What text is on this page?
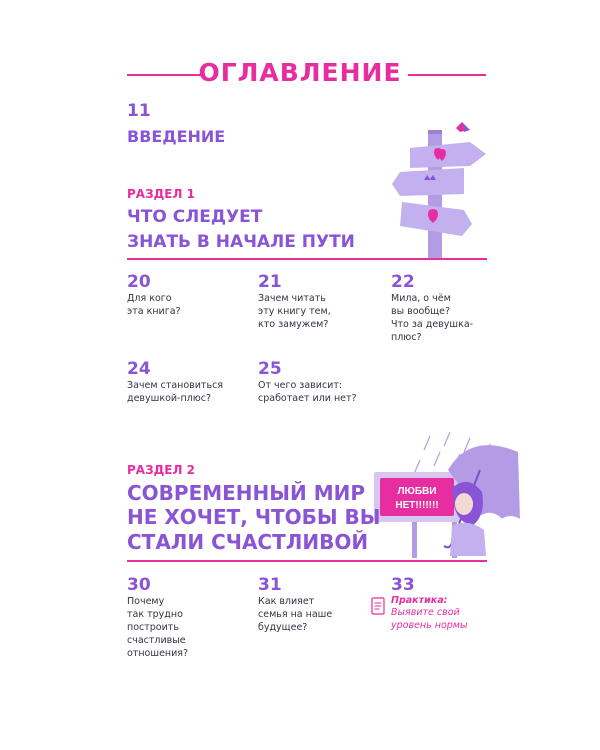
ОГЛАВЛЕНИЕ
11
ВВЕДЕНИЕ
РАЗДЕЛ 1
ЧТО СЛЕДУЕТ
ЗНАТЬ В НАЧАЛЕ ПУТИ
20
Для кого
эта книга?
21
Зачем читать
эту книгу тем,
кто замужем?
22
Мила, о чём
вы вообще?
Что за девушка-
плюс?
24
Зачем становиться
девушкой-плюс?
25
От чего зависит:
сработает или нет?
ЛЮБВИ
НЕТ!!!!!!!
РАЗДЕЛ 2
СОВРЕМЕННЫЙ МИР
НЕ ХОЧЕТ, ЧТОБЫ ВЫ
СТАЛИ СЧАСТЛИВОЙ
30
Почему
так трудно
построить
счастливые
отношения?
31
Как влияет
семья на наше
будущее?
33
Практика:
Выявите свой
уровень нормы
